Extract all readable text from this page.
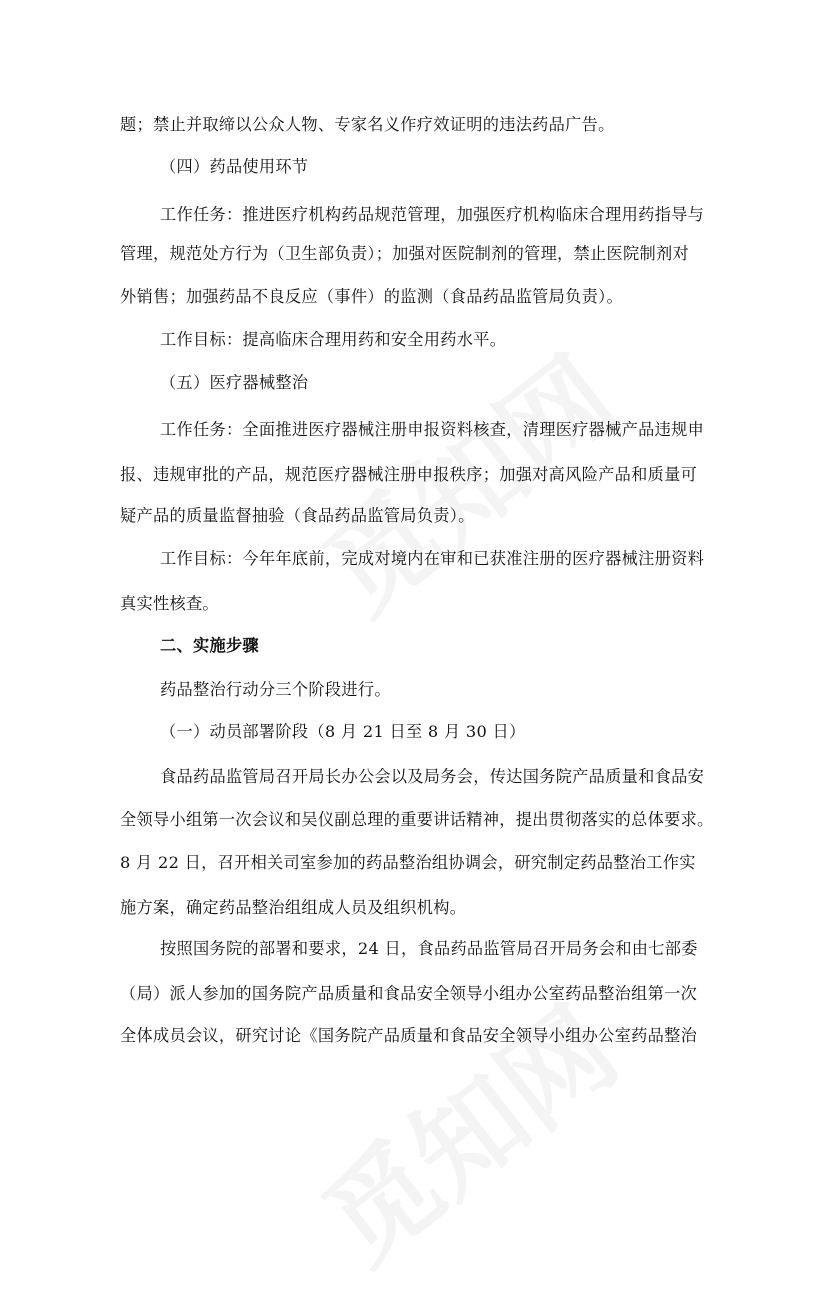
题；禁止并取缔以公众人物、专家名义作疗效证明的违法药品广告。
（四）药品使用环节
工作任务：推进医疗机构药品规范管理，加强医疗机构临床合理用药指导与
管理，规范处方行为（卫生部负责）；加强对医院制剂的管理，禁止医院制剂对
外销售；加强药品不良反应（事件）的监测（食品药品监管局负责）。
工作目标：提高临床合理用药和安全用药水平。
（五）医疗器械整治
工作任务：全面推进医疗器械注册申报资料核查，清理医疗器械产品违规申
报、违规审批的产品，规范医疗器械注册申报秩序；加强对高风险产品和质量可
疑产品的质量监督抽验（食品药品监管局负责）。
工作目标：今年年底前，完成对境内在审和已获准注册的医疗器械注册资料
真实性核查。
二、实施步骤
药品整治行动分三个阶段进行。
（一）动员部署阶段（8 月 21 日至 8 月 30 日）
食品药品监管局召开局长办公会以及局务会，传达国务院产品质量和食品安
全领导小组第一次会议和吴仪副总理的重要讲话精神，提出贯彻落实的总体要求。
8 月 22 日，召开相关司室参加的药品整治组协调会，研究制定药品整治工作实
施方案，确定药品整治组组成人员及组织机构。
按照国务院的部署和要求，24 日，食品药品监管局召开局务会和由七部委
（局）派人参加的国务院产品质量和食品安全领导小组办公室药品整治组第一次
全体成员会议，研究讨论《国务院产品质量和食品安全领导小组办公室药品整治
